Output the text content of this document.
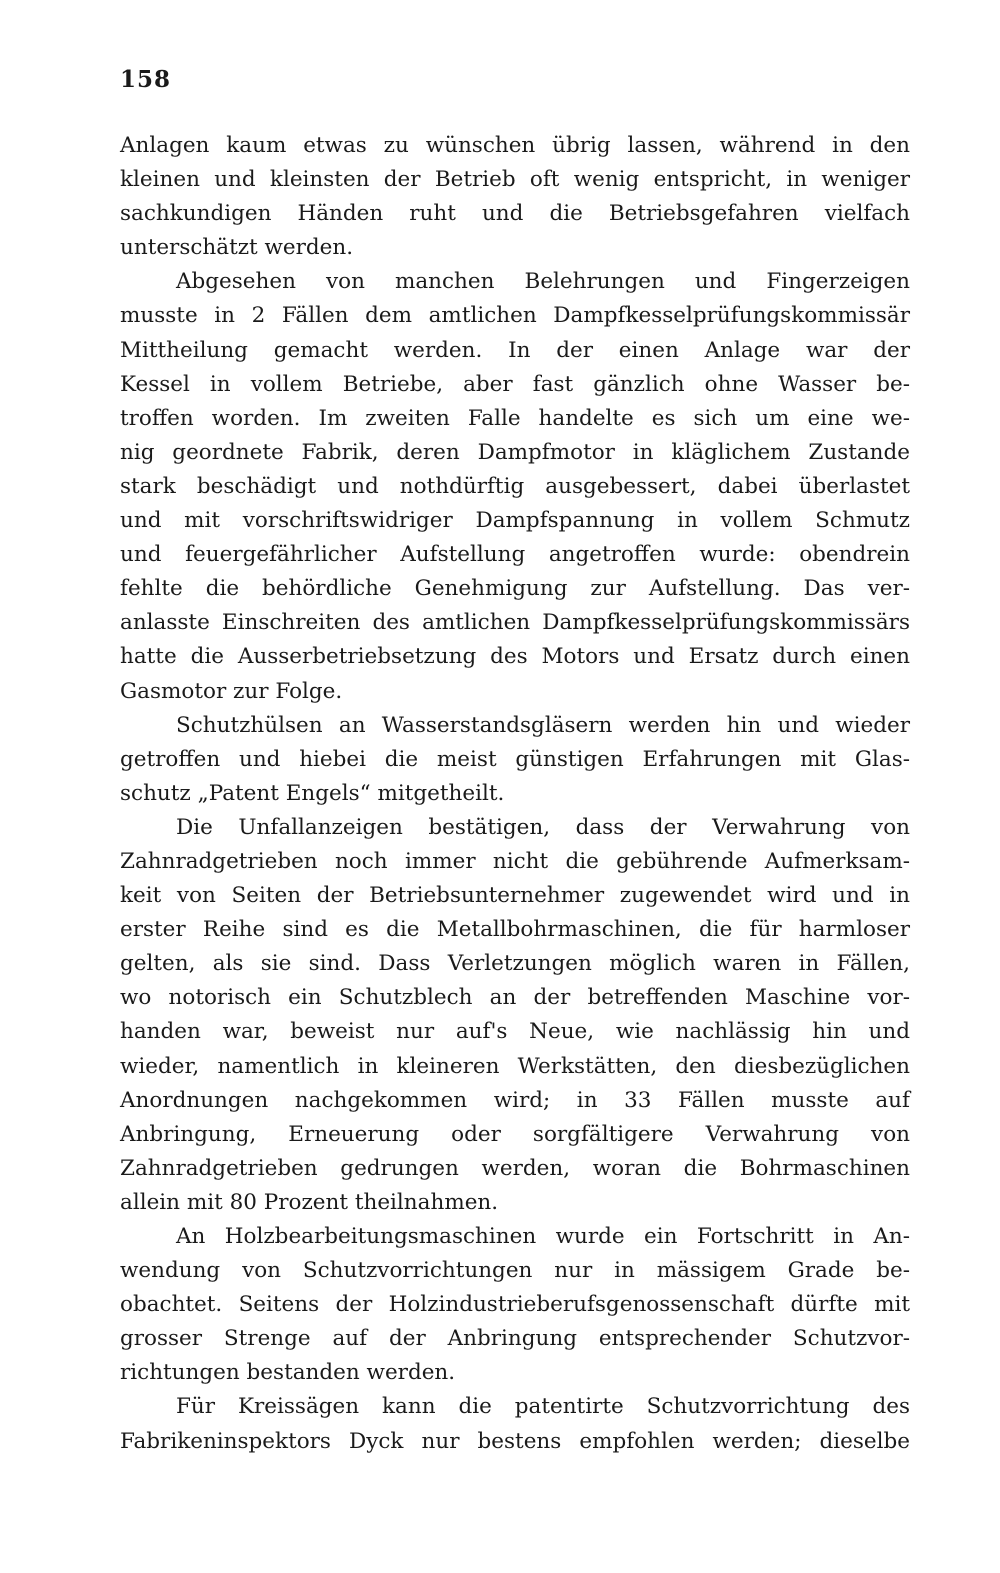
158
Anlagen kaum etwas zu wünschen übrig lassen, während in den
kleinen und kleinsten der Betrieb oft wenig entspricht, in weniger
sachkundigen Händen ruht und die Betriebsgefahren vielfach
unterschätzt werden.
Abgesehen von manchen Belehrungen und Fingerzeigen
musste in 2 Fällen dem amtlichen Dampfkesselprüfungskommissär
Mittheilung gemacht werden. In der einen Anlage war der
Kessel in vollem Betriebe, aber fast gänzlich ohne Wasser be-
troffen worden. Im zweiten Falle handelte es sich um eine we-
nig geordnete Fabrik, deren Dampfmotor in kläglichem Zustande
stark beschädigt und nothdürftig ausgebessert, dabei überlastet
und mit vorschriftswidriger Dampfspannung in vollem Schmutz
und feuergefährlicher Aufstellung angetroffen wurde: obendrein
fehlte die behördliche Genehmigung zur Aufstellung. Das ver-
anlasste Einschreiten des amtlichen Dampfkesselprüfungskommissärs
hatte die Ausserbetriebsetzung des Motors und Ersatz durch einen
Gasmotor zur Folge.
Schutzhülsen an Wasserstandsgläsern werden hin und wieder
getroffen und hiebei die meist günstigen Erfahrungen mit Glas-
schutz „Patent Engels“ mitgetheilt.
Die Unfallanzeigen bestätigen, dass der Verwahrung von
Zahnradgetrieben noch immer nicht die gebührende Aufmerksam-
keit von Seiten der Betriebsunternehmer zugewendet wird und in
erster Reihe sind es die Metallbohrmaschinen, die für harmloser
gelten, als sie sind. Dass Verletzungen möglich waren in Fällen,
wo notorisch ein Schutzblech an der betreffenden Maschine vor-
handen war, beweist nur auf's Neue, wie nachlässig hin und
wieder, namentlich in kleineren Werkstätten, den diesbezüglichen
Anordnungen nachgekommen wird; in 33 Fällen musste auf
Anbringung, Erneuerung oder sorgfältigere Verwahrung von
Zahnradgetrieben gedrungen werden, woran die Bohrmaschinen
allein mit 80 Prozent theilnahmen.
An Holzbearbeitungsmaschinen wurde ein Fortschritt in An-
wendung von Schutzvorrichtungen nur in mässigem Grade be-
obachtet. Seitens der Holzindustrieberufsgenossenschaft dürfte mit
grosser Strenge auf der Anbringung entsprechender Schutzvor-
richtungen bestanden werden.
Für Kreissägen kann die patentirte Schutzvorrichtung des
Fabrikeninspektors Dyck nur bestens empfohlen werden; dieselbe
